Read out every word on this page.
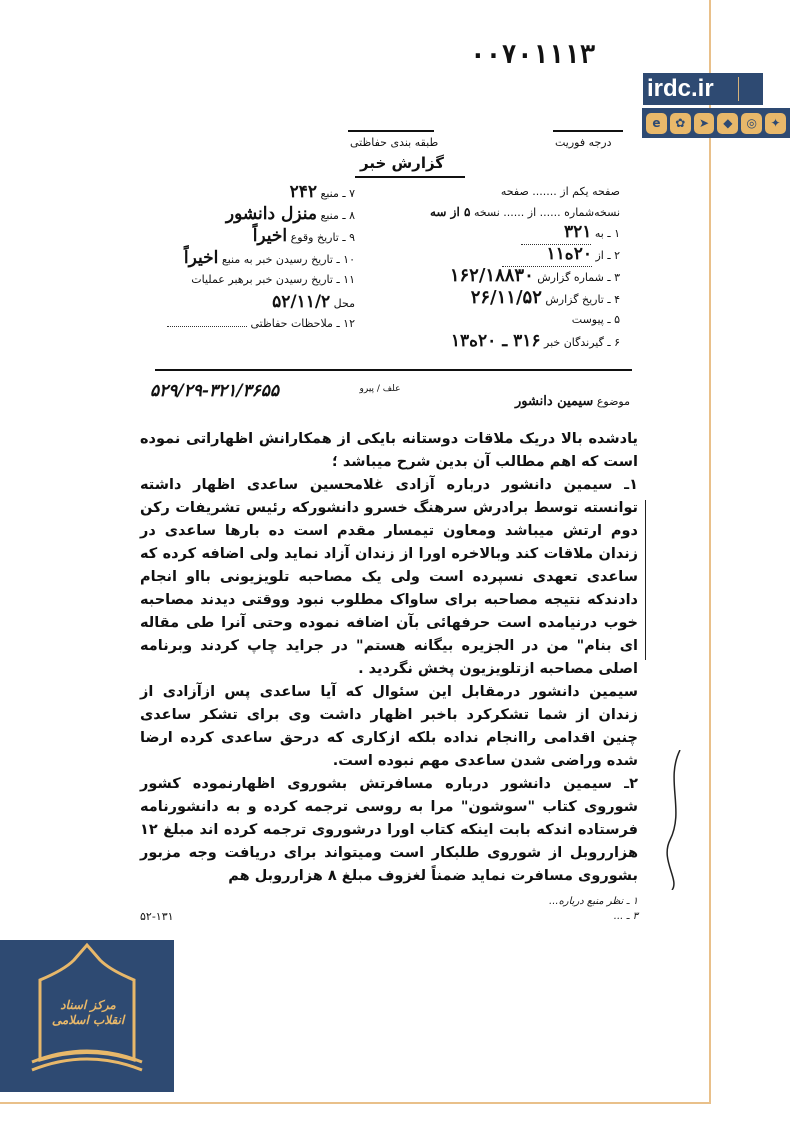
۰۰۷۰۱۱۱۳
irdc.ir
e	✿	➤	◆	◎	✦
درجه فوریت
طبقه بندی حفاظتی
گزارش خبر
صفحه یکم از ....... صفحه
نسخه‌شماره ...... از ...... نسخه ۵ از سه
۱ ـ به ۳۲۱
۲ ـ از ۲۰ه۱۱
۳ ـ شماره گزارش ۱۶۲/۱۸۸۳۰
۴ ـ تاریخ گزارش ۲۶/۱۱/۵۲
۵ ـ پیوست
۶ ـ گیرندگان خبر ۳۱۶ ـ ۲۰ه۱۳
۷ ـ منبع ۲۴۲
۸ ـ منبع منزل دانشور
۹ ـ تاریخ وقوع اخیراً
۱۰ ـ تاریخ رسیدن خبر به منبع اخیراً
۱۱ ـ تاریخ رسیدن خبر برهبر عملیات
محل ۵۲/۱۱/۲
۱۲ ـ ملاحظات حفاظتی
موضوع سیمین دانشور
علف / پیرو
۵۲۹/۲۹-۳۲۱/۳۶۵۵

یادشده بالا دریک ملاقات دوستانه بایکی از همکارانش اظهاراتی نموده است که اهم مطالب آن بدین شرح میباشد ؛

۱ـ سیمین دانشور درباره آزادی غلامحسین ساعدی اظهار داشته توانسته توسط برادرش سرهنگ خسرو دانشورکه رئیس تشریفات رکن دوم ارتش میباشد ومعاون تیمسار مقدم است ده بارها ساعدی در زندان ملاقات کند وبالاخره اورا از زندان آزاد نماید ولی اضافه کرده که ساعدی تعهدی نسپرده است ولی یک مصاحبه تلویزیونی بااو انجام دادندکه نتیجه مصاحبه برای ساواک مطلوب نبود ووقتی دیدند مصاحبه خوب درنیامده است حرفهائی بآن اضافه نموده وحتی آنرا طی مقاله ای بنام" من در الجزیره بیگانه هستم" در جراید چاپ کردند وبرنامه اصلی مصاحبه ازتلویزیون پخش نگردید .

سیمین دانشور درمقابل این سئوال که آیا ساعدی پس ازآزادی از زندان از شما تشکرکرد باخبر اظهار داشت وی برای تشکر ساعدی چنین اقدامی راانجام نداده بلکه ازکاری که درحق ساعدی کرده ارضا شده وراضی شدن ساعدی مهم نبوده است.

۲ـ سیمین دانشور درباره مسافرتش بشوروی اظهارنموده کشور شوروی کتاب "سوشون" مرا به روسی ترجمه کرده و به دانشورنامه فرستاده اندکه بابت اینکه کتاب اورا درشوروی ترجمه کرده اند مبلغ ۱۲ هزارروبل از شوروی طلبکار است ومیتواند برای دریافت وجه مزبور بشوروی مسافرت نماید ضمناً لغزوف مبلغ ۸ هزارروبل هم

۱ ـ نظر منبع درباره...
۳ ـ ...
۵۲-۱۳۱
مرکز اسناد انقلاب اسلامی
